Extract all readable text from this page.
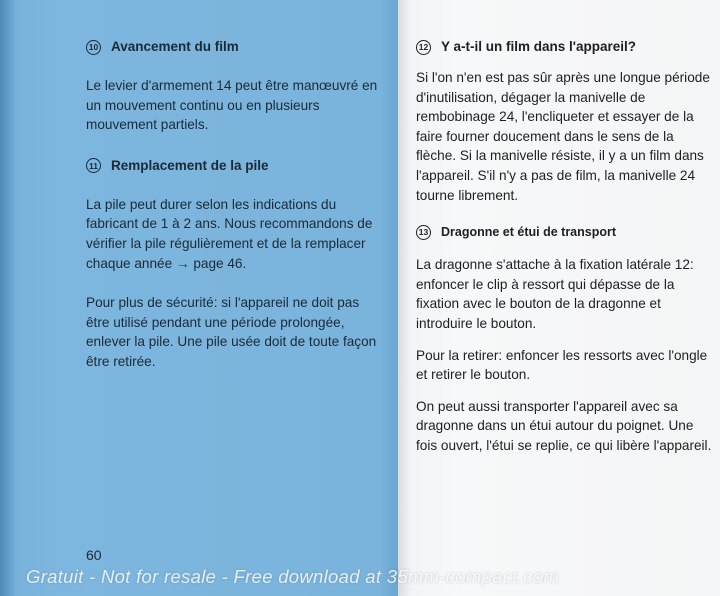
10 Avancement du film

Le levier d'armement 14 peut être manœuvré en un mouvement continu ou en plusieurs mouvement partiels.

11 Remplacement de la pile

La pile peut durer selon les indications du fabricant de 1 à 2 ans. Nous recommandons de vérifier la pile régulièrement et de la remplacer chaque année → page 46.

Pour plus de sécurité: si l'appareil ne doit pas être utilisé pendant une période prolongée, enlever la pile. Une pile usée doit de toute façon être retirée.

60
12 Y a-t-il un film dans l'appareil?

Si l'on n'en est pas sûr après une longue période d'inutilisation, dégager la manivelle de rembobinage 24, l'encliqueter et essayer de la faire fourner doucement dans le sens de la flèche. Si la manivelle résiste, il y a un film dans l'appareil. S'il n'y a pas de film, la manivelle 24 tourne librement.

13 Dragonne et étui de transport

La dragonne s'attache à la fixation latérale 12: enfoncer le clip à ressort qui dépasse de la fixation avec le bouton de la dragonne et introduire le bouton.

Pour la retirer: enfoncer les ressorts avec l'ongle et retirer le bouton.

On peut aussi transporter l'appareil avec sa dragonne dans un étui autour du poignet. Une fois ouvert, l'étui se replie, ce qui libère l'appareil.

Gratuit - Not for resale - Free download at 35mm-compact.com
